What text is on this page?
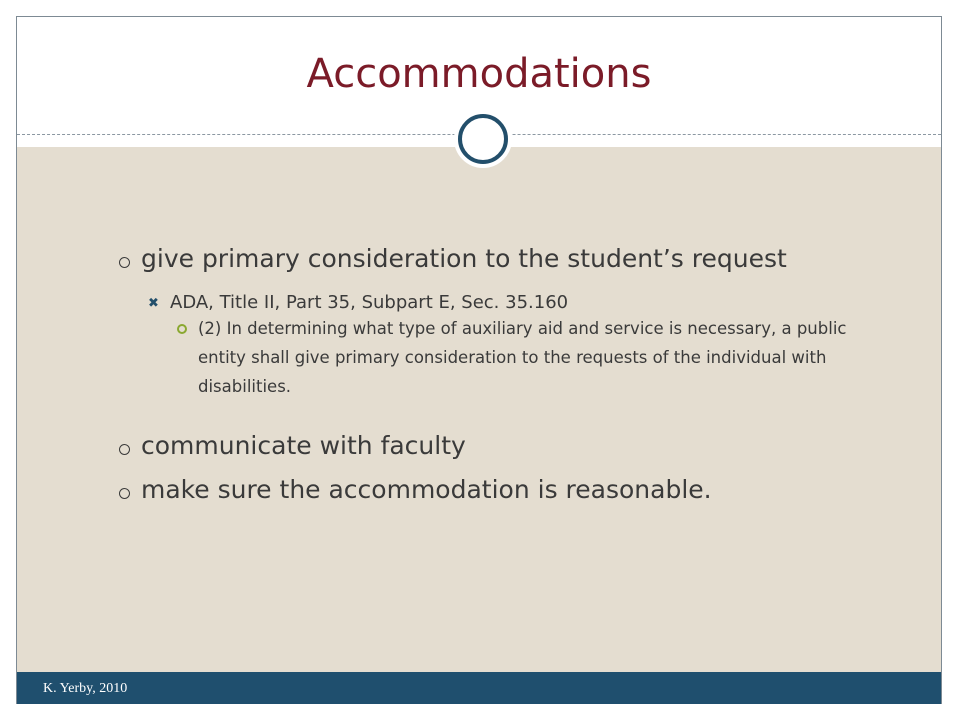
Accommodations
give primary consideration to the student’s request
✖ ADA, Title II, Part 35, Subpart E, Sec. 35.160
(2) In determining what type of auxiliary aid and service is necessary, a public entity shall give primary consideration to the requests of the individual with disabilities.
communicate with faculty
make sure the accommodation is reasonable.
K. Yerby, 2010
